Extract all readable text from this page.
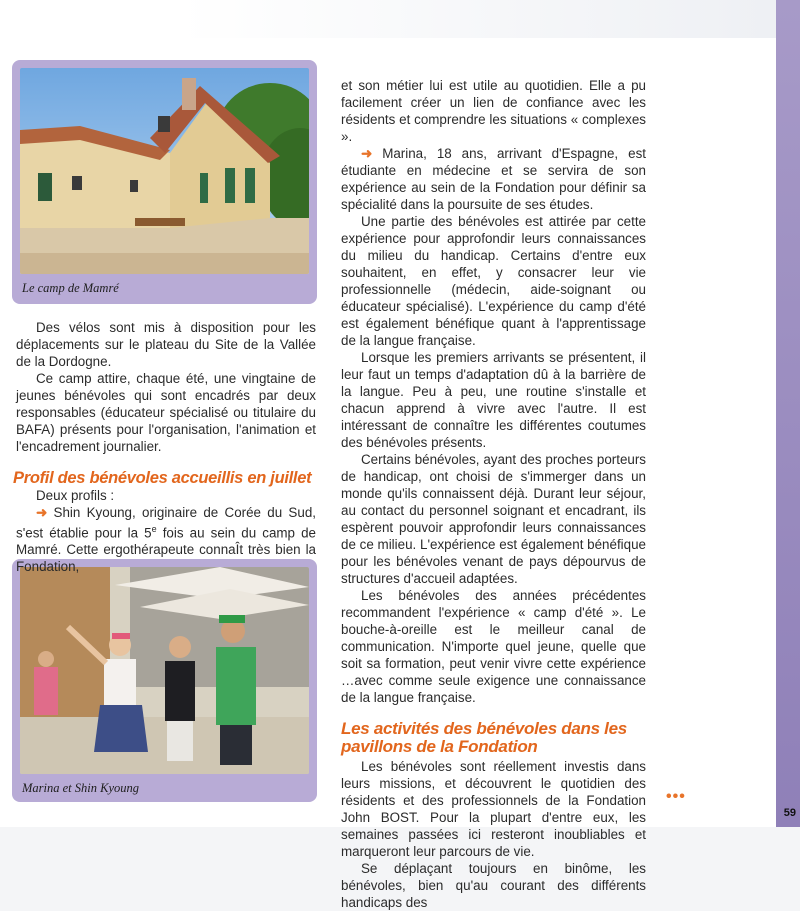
59
Le camp de Mamré
Marina et Shin Kyoung

Des vélos sont mis à disposition pour les déplacements sur le plateau du Site de la Vallée de la Dordogne.

Ce camp attire, chaque été, une vingtaine de jeunes bénévoles qui sont encadrés par deux responsables (éducateur spécialisé ou titulaire du BAFA) présents pour l'organisation, l'animation et l'encadrement journalier.

Profil des bénévoles accueillis en juillet

Deux profils :

➜ Shin Kyoung, originaire de Corée du Sud, s'est établie pour la 5e fois au sein du camp de Mamré. Cette ergothérapeute connaÎt très bien la Fondation,

et son métier lui est utile au quotidien. Elle a pu facilement créer un lien de confiance avec les résidents et comprendre les situations « complexes ».

➜ Marina, 18 ans, arrivant d'Espagne, est étudiante en médecine et se servira de son expérience au sein de la Fondation pour définir sa spécialité dans la poursuite de ses études.

Une partie des bénévoles est attirée par cette expérience pour approfondir leurs connaissances du milieu du handicap. Certains d'entre eux souhaitent, en effet, y consacrer leur vie professionnelle (médecin, aide-soignant ou éducateur spécialisé). L'expérience du camp d'été est également bénéfique quant à l'apprentissage de la langue française.

Lorsque les premiers arrivants se présentent, il leur faut un temps d'adaptation dû à la barrière de la langue. Peu à peu, une routine s'installe et chacun apprend à vivre avec l'autre. Il est intéressant de connaître les différentes coutumes des bénévoles présents.

Certains bénévoles, ayant des proches porteurs de handicap, ont choisi de s'immerger dans un monde qu'ils connaissent déjà. Durant leur séjour, au contact du personnel soignant et encadrant, ils espèrent pouvoir approfondir leurs connaissances de ce milieu. L'expérience est également bénéfique pour les bénévoles venant de pays dépourvus de structures d'accueil adaptées.

Les bénévoles des années précédentes recommandent l'expérience « camp d'été ». Le bouche-à-oreille est le meilleur canal de communication. N'importe quel jeune, quelle que soit sa formation, peut venir vivre cette expérience …avec comme seule exigence une connaissance de la langue française.

Les activités des bénévoles dans les
pavillons de la Fondation

Les bénévoles sont réellement investis dans leurs missions, et découvrent le quotidien des résidents et des professionnels de la Fondation John BOST. Pour la plupart d'entre eux, les semaines passées ici resteront inoubliables et marqueront leur parcours de vie.

Se déplaçant toujours en binôme, les bénévoles, bien qu'au courant des différents handicaps des

•••
